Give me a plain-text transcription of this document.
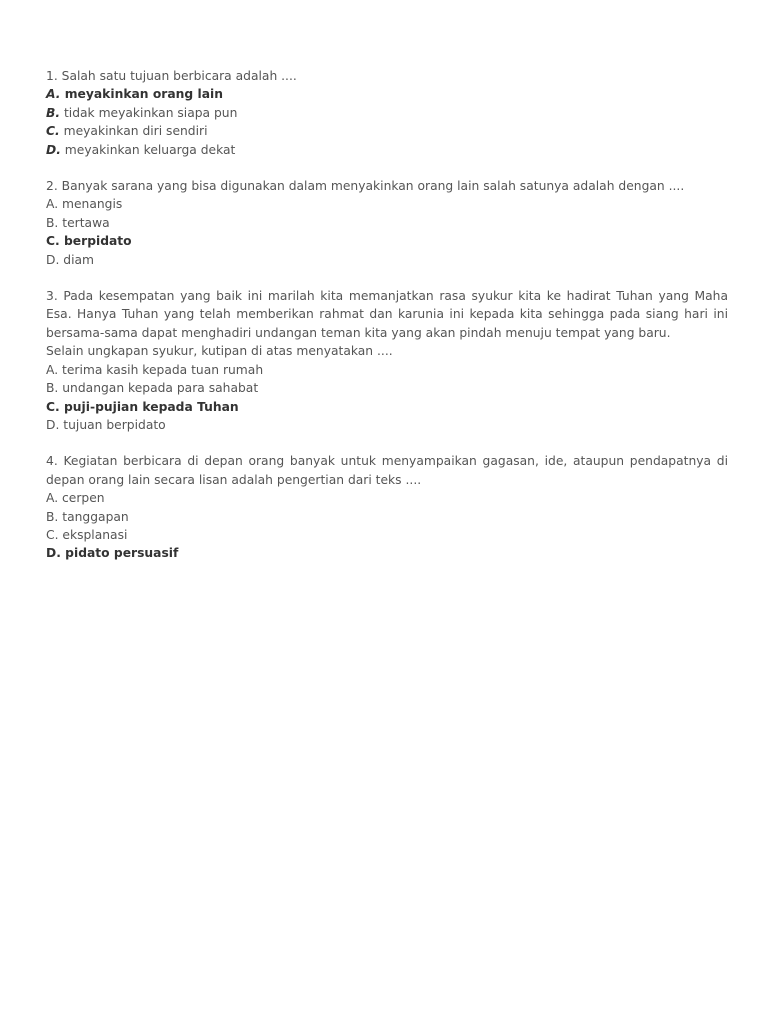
1. Salah satu tujuan berbicara adalah ....
A. meyakinkan orang lain
B. tidak meyakinkan siapa pun
C. meyakinkan diri sendiri
D. meyakinkan keluarga dekat
2. Banyak sarana yang bisa digunakan dalam menyakinkan orang lain salah satunya adalah dengan ....
A. menangis
B. tertawa
C. berpidato
D. diam
3. Pada kesempatan yang baik ini marilah kita memanjatkan rasa syukur kita ke hadirat Tuhan yang Maha Esa. Hanya Tuhan yang telah memberikan rahmat dan karunia ini kepada kita sehingga pada siang hari ini bersama-sama dapat menghadiri undangan teman kita yang akan pindah menuju tempat yang baru.
Selain ungkapan syukur, kutipan di atas menyatakan ....
A. terima kasih kepada tuan rumah
B. undangan kepada para sahabat
C. puji-pujian kepada Tuhan
D. tujuan berpidato
4. Kegiatan berbicara di depan orang banyak untuk menyampaikan gagasan, ide, ataupun pendapatnya di depan orang lain secara lisan adalah pengertian dari teks ....
A. cerpen
B. tanggapan
C. eksplanasi
D. pidato persuasif
